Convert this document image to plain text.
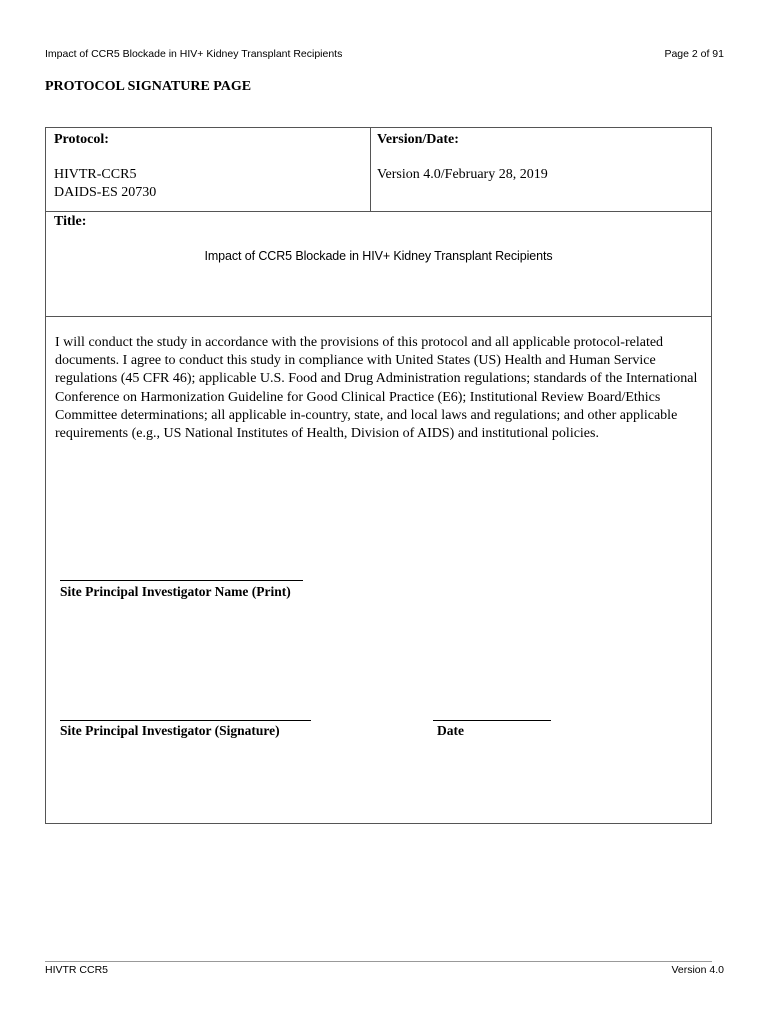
Impact of CCR5 Blockade in HIV+ Kidney Transplant Recipients	Page 2 of 91
PROTOCOL SIGNATURE PAGE
Protocol:
HIVTR-CCR5
DAIDS-ES 20730
Version/Date:
Version 4.0/February 28, 2019
Title:
Impact of CCR5 Blockade in HIV+ Kidney Transplant Recipients
I will conduct the study in accordance with the provisions of this protocol and all applicable protocol-related documents. I agree to conduct this study in compliance with United States (US) Health and Human Service regulations (45 CFR 46); applicable U.S. Food and Drug Administration regulations; standards of the International Conference on Harmonization Guideline for Good Clinical Practice (E6); Institutional Review Board/Ethics Committee determinations; all applicable in-country, state, and local laws and regulations; and other applicable requirements (e.g., US National Institutes of Health, Division of AIDS) and institutional policies.
Site Principal Investigator Name (Print)
Site Principal Investigator (Signature)	Date
HIVTR CCR5	Version 4.0
